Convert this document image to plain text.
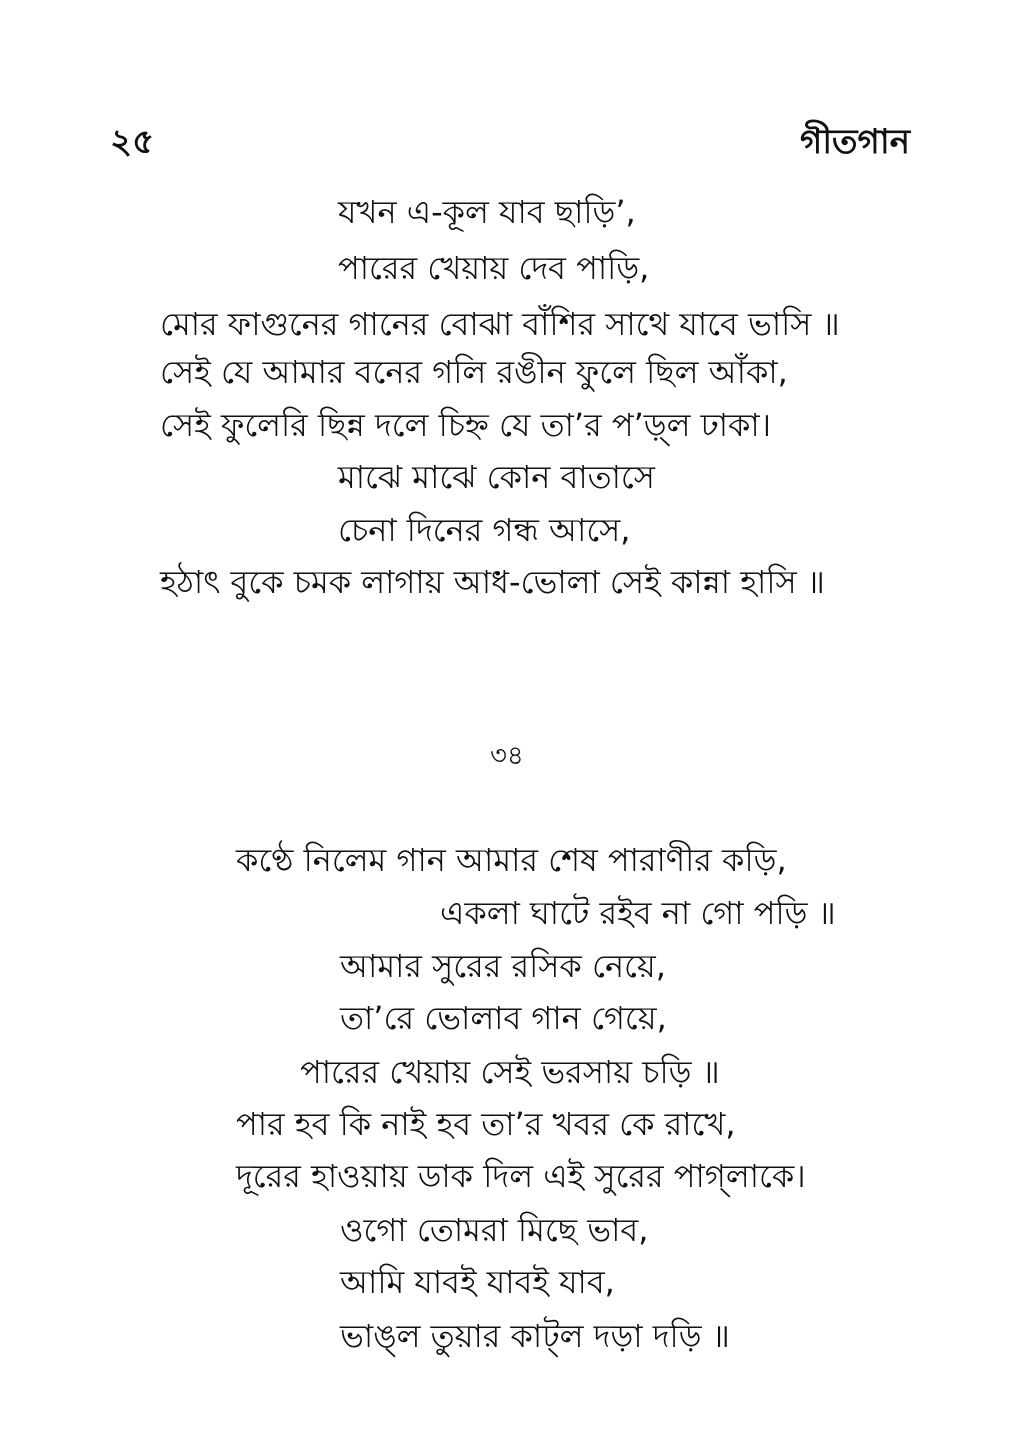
২৫	গীতগান
যখন এ-কূল যাব ছাড়ি’,
পারের খেয়ায় দেব পাড়ি,
মোর ফাগুনের গানের বোঝা বাঁশির সাথে যাবে ভাসি ॥
সেই যে আমার বনের গলি রঙীন ফুলে ছিল আঁকা,
সেই ফুলেরি ছিন্ন দলে চিহ্ন যে তা’র প’ড়্‌ল ঢাকা।
মাঝে মাঝে কোন বাতাসে
চেনা দিনের গন্ধ আসে,
হঠাৎ বুকে চমক লাগায় আধ-ভোলা সেই কান্না হাসি ॥
৩৪
কণ্ঠে নিলেম গান আমার শেষ পারাণীর কড়ি,
একলা ঘাটে রইব না গো পড়ি ॥
আমার সুরের রসিক নেয়ে,
তা’রে ভোলাব গান গেয়ে,
পারের খেয়ায় সেই ভরসায় চড়ি ॥
পার হব কি নাই হব তা’র খবর কে রাখে,
দূরের হাওয়ায় ডাক দিল এই সুরের পাগ্‌লাকে।
ওগো তোমরা মিছে ভাব,
আমি যাবই যাবই যাব,
ভাঙ্‌ল তুয়ার কাট্‌ল দড়া দড়ি ॥
